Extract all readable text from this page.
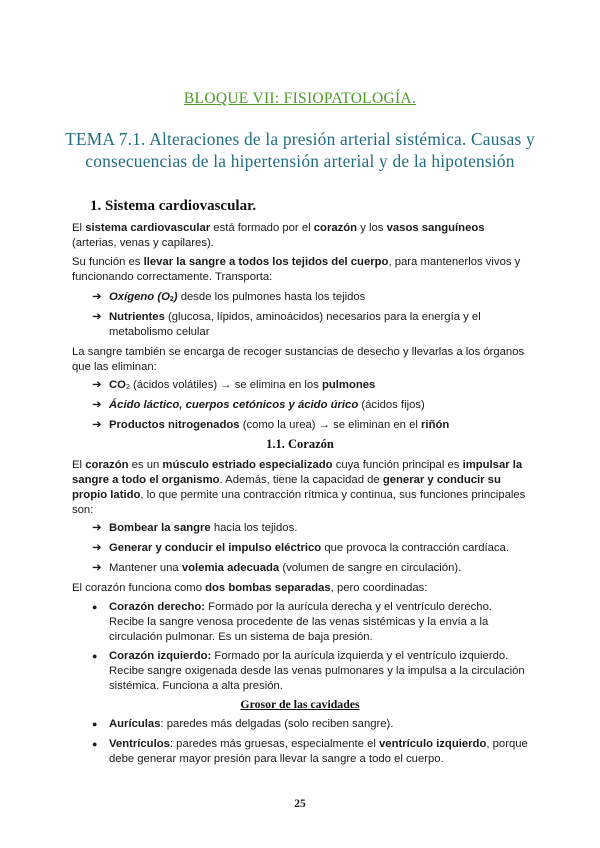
BLOQUE VII: FISIOPATOLOGÍA.
TEMA 7.1. Alteraciones de la presión arterial sistémica. Causas y consecuencias de la hipertensión arterial y de la hipotensión
1. Sistema cardiovascular.
El sistema cardiovascular está formado por el corazón y los vasos sanguíneos (arterias, venas y capilares).
Su función es llevar la sangre a todos los tejidos del cuerpo, para mantenerlos vivos y funcionando correctamente. Transporta:
➔ Oxígeno $(O_2)$ desde los pulmones hasta los tejidos
➔ Nutrientes (glucosa, lípidos, aminoácidos) necesarios para la energía y el metabolismo celular
La sangre también se encarga de recoger sustancias de desecho y llevarlas a los órganos que las eliminan:
➔ $CO_2$ (ácidos volátiles) → se elimina en los pulmones
➔ Ácido láctico, cuerpos cetónicos y ácido úrico (ácidos fijos)
➔ Productos nitrogenados (como la urea) → se eliminan en el riñón
1.1. Corazón
El corazón es un músculo estriado especializado cuya función principal es impulsar la sangre a todo el organismo. Además, tiene la capacidad de generar y conducir su propio latido, lo que permite una contracción rítmica y continua, sus funciones principales son:
➔ Bombear la sangre hacia los tejidos.
➔ Generar y conducir el impulso eléctrico que provoca la contracción cardíaca.
➔ Mantener una volemia adecuada (volumen de sangre en circulación).
El corazón funciona como dos bombas separadas, pero coordinadas:
● Corazón derecho: Formado por la aurícula derecha y el ventrículo derecho. Recibe la sangre venosa procedente de las venas sistémicas y la envía a la circulación pulmonar. Es un sistema de baja presión.
● Corazón izquierdo: Formado por la aurícula izquierda y el ventrículo izquierdo. Recibe sangre oxigenada desde las venas pulmonares y la impulsa a la circulación sistémica. Funciona a alta presión.
Grosor de las cavidades
● Aurículas: paredes más delgadas (solo reciben sangre).
● Ventrículos: paredes más gruesas, especialmente el ventrículo izquierdo, porque debe generar mayor presión para llevar la sangre a todo el cuerpo.
25
